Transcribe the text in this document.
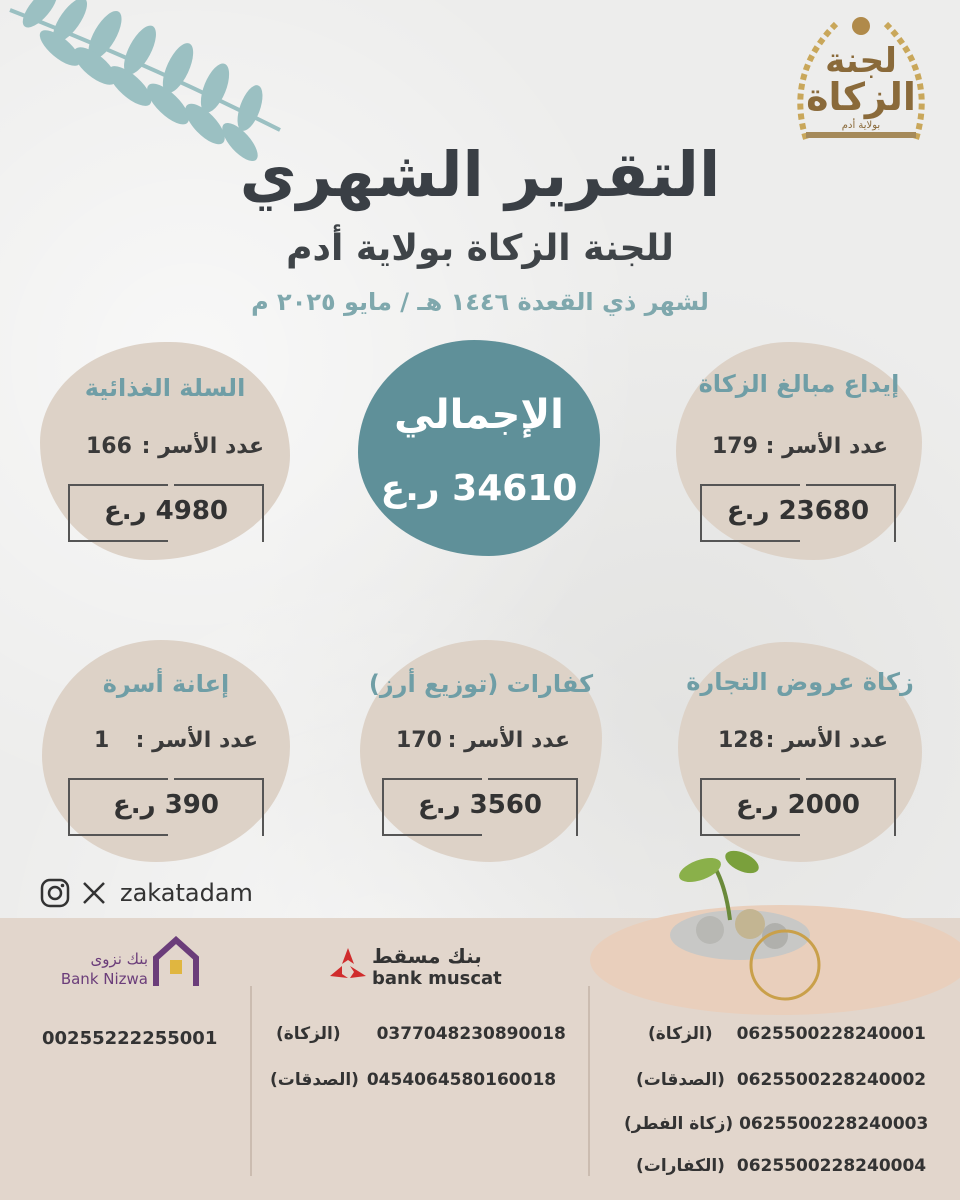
لجنة
الزكاة
بولاية أدم
التقرير الشهري
للجنة الزكاة بولاية أدم
لشهر ذي القعدة ١٤٤٦ هـ / مايو ٢٠٢٥ م
إيداع مبالغ الزكاة
عدد الأسر :
179
23680 ر.ع
الإجمالي
34610 ر.ع
السلة الغذائية
عدد الأسر :
166
4980 ر.ع
زكاة عروض التجارة
عدد الأسر :
128
2000 ر.ع
كفارات (توزيع أرز)
عدد الأسر :
170
3560 ر.ع
إعانة أسرة
عدد الأسر :
1
390 ر.ع
zakatadam
بنك نزوى
Bank Nizwa
00255222255001
بنك مسقط
bank muscat
(الزكاة) 0377048230890018
(الصدقات) 0454064580160018
(الزكاة) 0625500228240001
(الصدقات) 0625500228240002
(زكاة الفطر) 0625500228240003
(الكفارات) 0625500228240004
